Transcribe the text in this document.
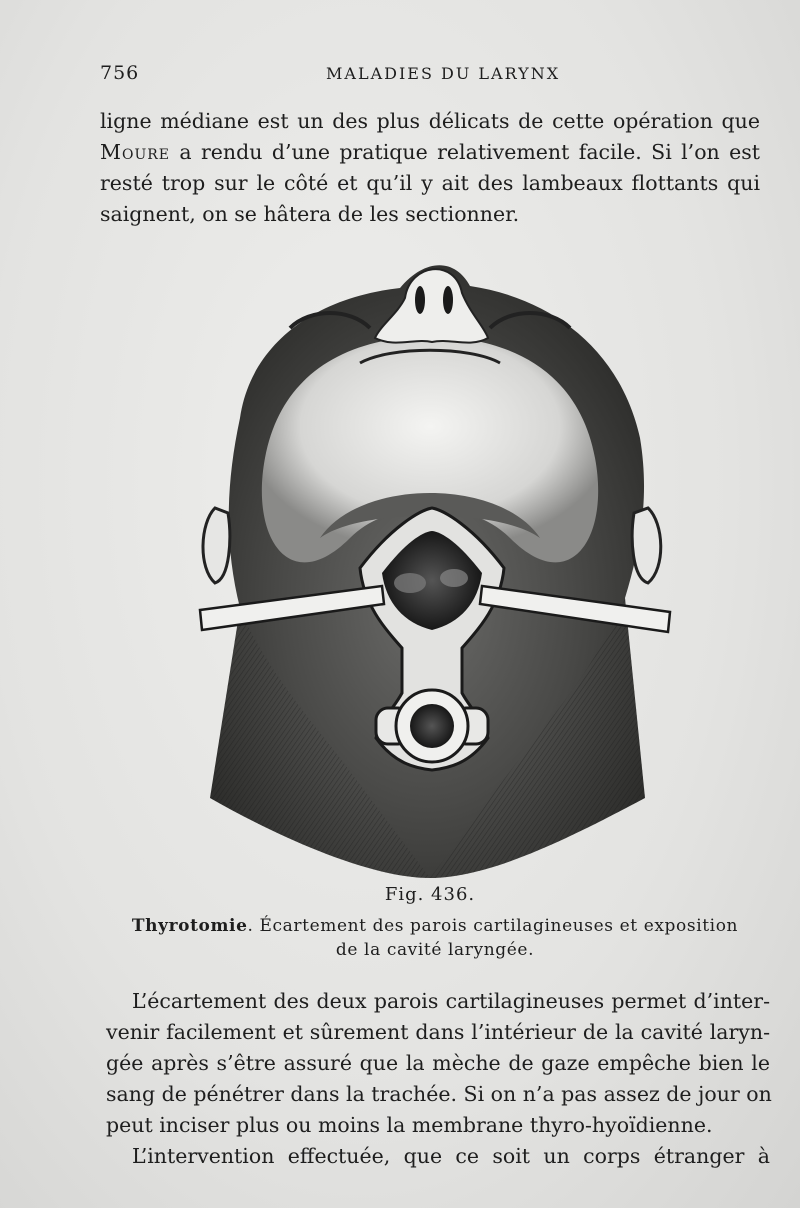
756	MALADIES DU LARYNX
ligne médiane est un des plus délicats de cette opération que
Moure a rendu d’une pratique relativement facile. Si l’on est
resté trop sur le côté et qu’il y ait des lambeaux flottants qui
saignent, on se hâtera de les sectionner.
Fig. 436.
Thyrotomie. Écartement des parois cartilagineuses et exposition
de la cavité laryngée.
L’écartement des deux parois cartilagineuses permet d’inter-
venir facilement et sûrement dans l’intérieur de la cavité laryn-
gée après s’être assuré que la mèche de gaze empêche bien le
sang de pénétrer dans la trachée. Si on n’a pas assez de jour on
peut inciser plus ou moins la membrane thyro-hyoïdienne.
L’intervention effectuée, que ce soit un corps étranger à
